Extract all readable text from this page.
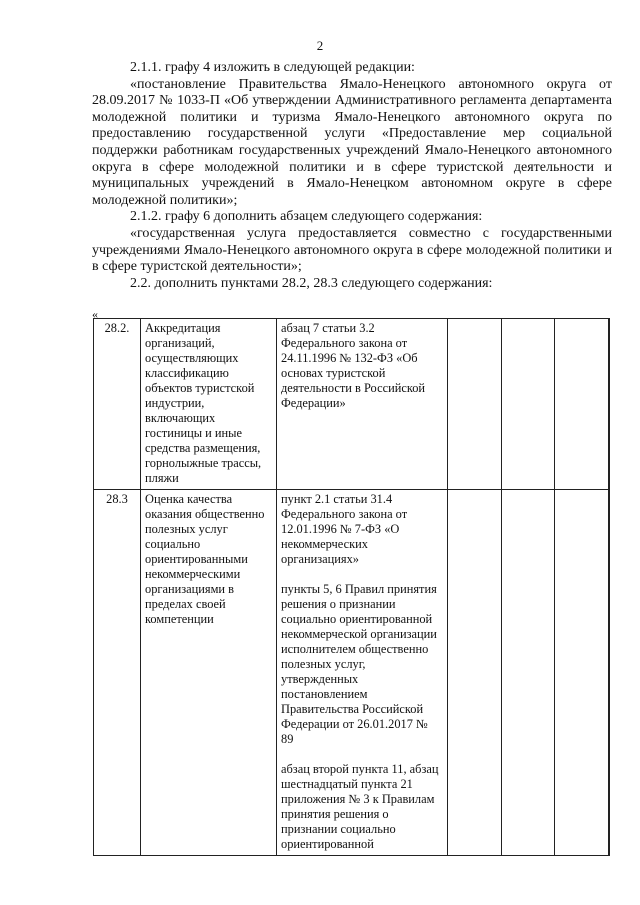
2

2.1.1. графу 4 изложить в следующей редакции:

«постановление Правительства Ямало-Ненецкого автономного округа от 28.09.2017 № 1033-П «Об утверждении Административного регламента департамента молодежной политики и туризма Ямало-Ненецкого автономного округа по предоставлению государственной услуги «Предоставление мер социальной поддержки работникам государственных учреждений Ямало-Ненецкого автономного округа в сфере молодежной политики и в сфере туристской деятельности и муниципальных учреждений в Ямало-Ненецком автономном округе в сфере молодежной политики»;

2.1.2. графу 6 дополнить абзацем следующего содержания:

«государственная услуга предоставляется совместно с государственными учреждениями Ямало-Ненецкого автономного округа в сфере молодежной политики и в сфере туристской деятельности»;

2.2. дополнить пунктами 28.2, 28.3 следующего содержания:

«
28.2.	Аккредитация организаций, осуществляющих классификацию объектов туристской индустрии, включающих гостиницы и иные средства размещения, горнолыжные трассы, пляжи	абзац 7 статьи 3.2 Федерального закона от 24.11.1996 № 132-ФЗ «Об основах туристской деятельности в Российской Федерации»				

28.3	Оценка качества оказания общественно полезных услуг социально ориентированными некоммерческими организациями в пределах своей компетенции	пункт 2.1 статьи 31.4 Федерального закона от 12.01.1996 № 7-ФЗ «О некоммерческих организациях»
пункты 5, 6 Правил принятия решения о признании социально ориентированной некоммерческой организации исполнителем общественно полезных услуг, утвержденных постановлением Правительства Российской Федерации от 26.01.2017 № 89
абзац второй пункта 11, абзац шестнадцатый пункта 21 приложения № 3 к Правилам принятия решения о признании социально ориентированной				
